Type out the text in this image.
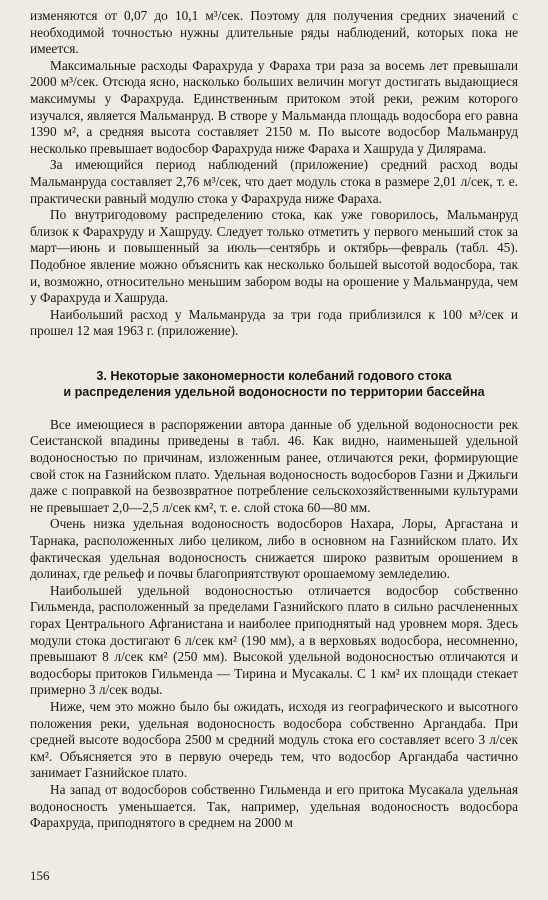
изменяются от 0,07 до 10,1 м³/сек. Поэтому для получения средних значений с необходимой точностью нужны длительные ряды наблюдений, которых пока не имеется.

Максимальные расходы Фарахруда у Фараха три раза за восемь лет превышали 2000 м³/сек. Отсюда ясно, насколько больших величин могут достигать выдающиеся максимумы у Фарахруда. Единственным притоком этой реки, режим которого изучался, является Мальманруд. В створе у Мальманда площадь водосбора его равна 1390 м², а средняя высота составляет 2150 м. По высоте водосбор Мальманруд несколько превышает водосбор Фарахруда ниже Фараха и Хашруда у Дилярама.

За имеющийся период наблюдений (приложение) средний расход воды Мальманруда составляет 2,76 м³/сек, что дает модуль стока в размере 2,01 л/сек, т. е. практически равный модулю стока у Фарахруда ниже Фараха.

По внутригодовому распределению стока, как уже говорилось, Мальманруд близок к Фарахруду и Хашруду. Следует только отметить у первого меньший сток за март—июнь и повышенный за июль—сентябрь и октябрь—февраль (табл. 45). Подобное явление можно объяснить как несколько большей высотой водосбора, так и, возможно, относительно меньшим забором воды на орошение у Мальманруда, чем у Фарахруда и Хашруда.

Наибольший расход у Мальманруда за три года приблизился к 100 м³/сек и прошел 12 мая 1963 г. (приложение).

3. Некоторые закономерности колебаний годового стока
и распределения удельной водоносности по территории бассейна

Все имеющиеся в распоряжении автора данные об удельной водоносности рек Сеистанской впадины приведены в табл. 46. Как видно, наименьшей удельной водоносностью по причинам, изложенным ранее, отличаются реки, формирующие свой сток на Газнийском плато. Удельная водоносность водосборов Газни и Джильги даже с поправкой на безвозвратное потребление сельскохозяйственными культурами не превышает 2,0—2,5 л/сек км², т. е. слой стока 60—80 мм.

Очень низка удельная водоносность водосборов Нахара, Лоры, Аргастана и Тарнака, расположенных либо целиком, либо в основном на Газнийском плато. Их фактическая удельная водоносность снижается широко развитым орошением в долинах, где рельеф и почвы благоприятствуют орошаемому земледелию.

Наибольшей удельной водоносностью отличается водосбор собственно Гильменда, расположенный за пределами Газнийского плато в сильно расчлененных горах Центрального Афганистана и наиболее приподнятый над уровнем моря. Здесь модули стока достигают 6 л/сек км² (190 мм), а в верховьях водосбора, несомненно, превышают 8 л/сек км² (250 мм). Высокой удельной водоносностью отличаются и водосборы притоков Гильменда — Тирина и Мусакалы. С 1 км² их площади стекает примерно 3 л/сек воды.

Ниже, чем это можно было бы ожидать, исходя из географического и высотного положения реки, удельная водоносность водосбора собственно Аргандаба. При средней высоте водосбора 2500 м средний модуль стока его составляет всего 3 л/сек км². Объясняется это в первую очередь тем, что водосбор Аргандаба частично занимает Газнийское плато.

На запад от водосборов собственно Гильменда и его притока Мусакала удельная водоносность уменьшается. Так, например, удельная водоносность водосбора Фарахруда, приподнятого в среднем на 2000 м

156
